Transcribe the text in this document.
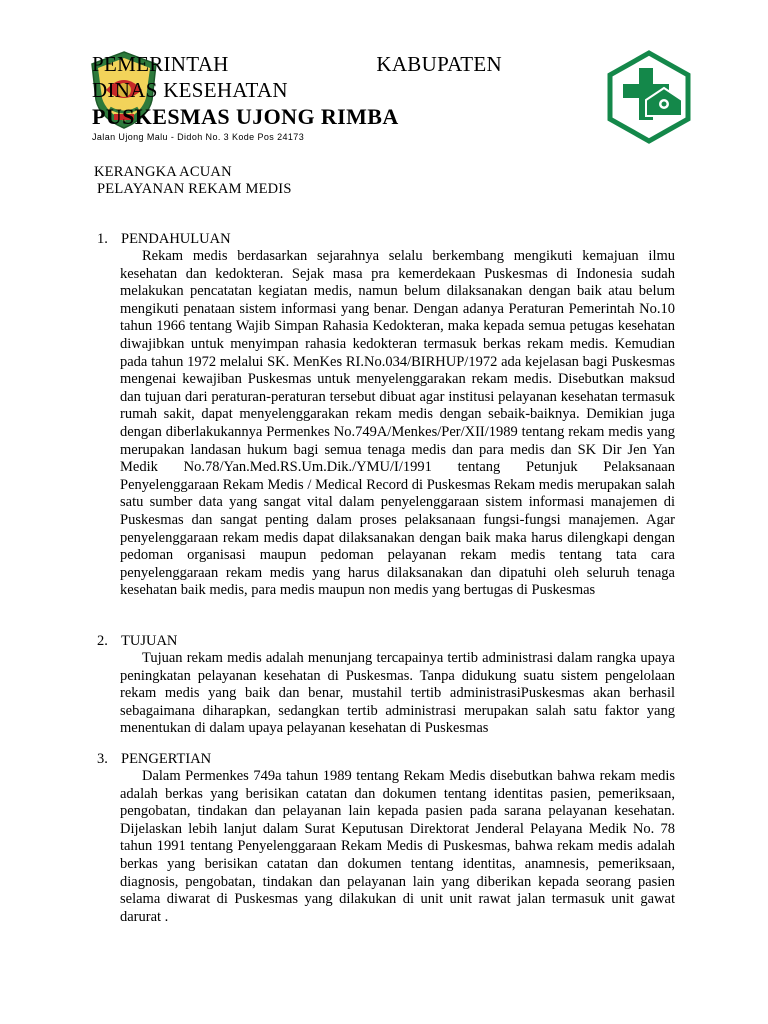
PEMERINTAH	KABUPATEN
DINAS KESEHATAN
PUSKESMAS UJONG RIMBA
Jalan Ujong Malu - Didoh No. 3 Kode Pos 24173
KERANGKA ACUAN
PELAYANAN REKAM MEDIS
1. PENDAHULUAN

Rekam medis berdasarkan sejarahnya selalu berkembang mengikuti kemajuan ilmu kesehatan dan kedokteran. Sejak masa pra kemerdekaan Puskesmas di Indonesia sudah melakukan pencatatan kegiatan medis, namun belum dilaksanakan dengan baik atau belum mengikuti penataan sistem informasi yang benar. Dengan adanya Peraturan Pemerintah No.10 tahun 1966 tentang Wajib Simpan Rahasia Kedokteran, maka kepada semua petugas kesehatan diwajibkan untuk menyimpan rahasia kedokteran termasuk berkas rekam medis. Kemudian pada tahun 1972 melalui SK. MenKes RI.No.034/BIRHUP/1972 ada kejelasan bagi Puskesmas mengenai kewajiban Puskesmas untuk menyelenggarakan rekam medis. Disebutkan maksud dan tujuan dari peraturan-peraturan tersebut dibuat agar institusi pelayanan kesehatan termasuk rumah sakit, dapat menyelenggarakan rekam medis dengan sebaik-baiknya. Demikian juga dengan diberlakukannya Permenkes No.749A/Menkes/Per/XII/1989 tentang rekam medis yang merupakan landasan hukum bagi semua tenaga medis dan para medis dan SK Dir Jen Yan Medik No.78/Yan.Med.RS.Um.Dik./YMU/I/1991 tentang Petunjuk Pelaksanaan Penyelenggaraan Rekam Medis / Medical Record di Puskesmas Rekam medis merupakan salah satu sumber data yang sangat vital dalam penyelenggaraan sistem informasi manajemen di Puskesmas dan sangat penting dalam proses pelaksanaan fungsi-fungsi manajemen. Agar penyelenggaraan rekam medis dapat dilaksanakan dengan baik maka harus dilengkapi dengan pedoman organisasi maupun pedoman pelayanan rekam medis tentang tata cara penyelenggaraan rekam medis yang harus dilaksanakan dan dipatuhi oleh seluruh tenaga kesehatan baik medis, para medis maupun non medis yang bertugas di Puskesmas

2. TUJUAN

Tujuan rekam medis adalah menunjang tercapainya tertib administrasi dalam rangka upaya peningkatan pelayanan kesehatan di Puskesmas. Tanpa didukung suatu sistem pengelolaan rekam medis yang baik dan benar, mustahil tertib administrasiPuskesmas akan berhasil sebagaimana diharapkan, sedangkan tertib administrasi merupakan salah satu faktor yang menentukan di dalam upaya pelayanan kesehatan di Puskesmas

3. PENGERTIAN

Dalam Permenkes 749a tahun 1989 tentang Rekam Medis disebutkan bahwa rekam medis adalah berkas yang berisikan catatan dan dokumen tentang identitas pasien, pemeriksaan, pengobatan, tindakan dan pelayanan lain kepada pasien pada sarana pelayanan kesehatan. Dijelaskan lebih lanjut dalam Surat Keputusan Direktorat Jenderal Pelayana Medik No. 78 tahun 1991 tentang Penyelenggaraan Rekam Medis di Puskesmas, bahwa rekam medis adalah berkas yang berisikan catatan dan dokumen tentang identitas, anamnesis, pemeriksaan, diagnosis, pengobatan, tindakan dan pelayanan lain yang diberikan kepada seorang pasien selama diwarat di Puskesmas yang dilakukan di unit unit rawat jalan termasuk unit gawat darurat .
